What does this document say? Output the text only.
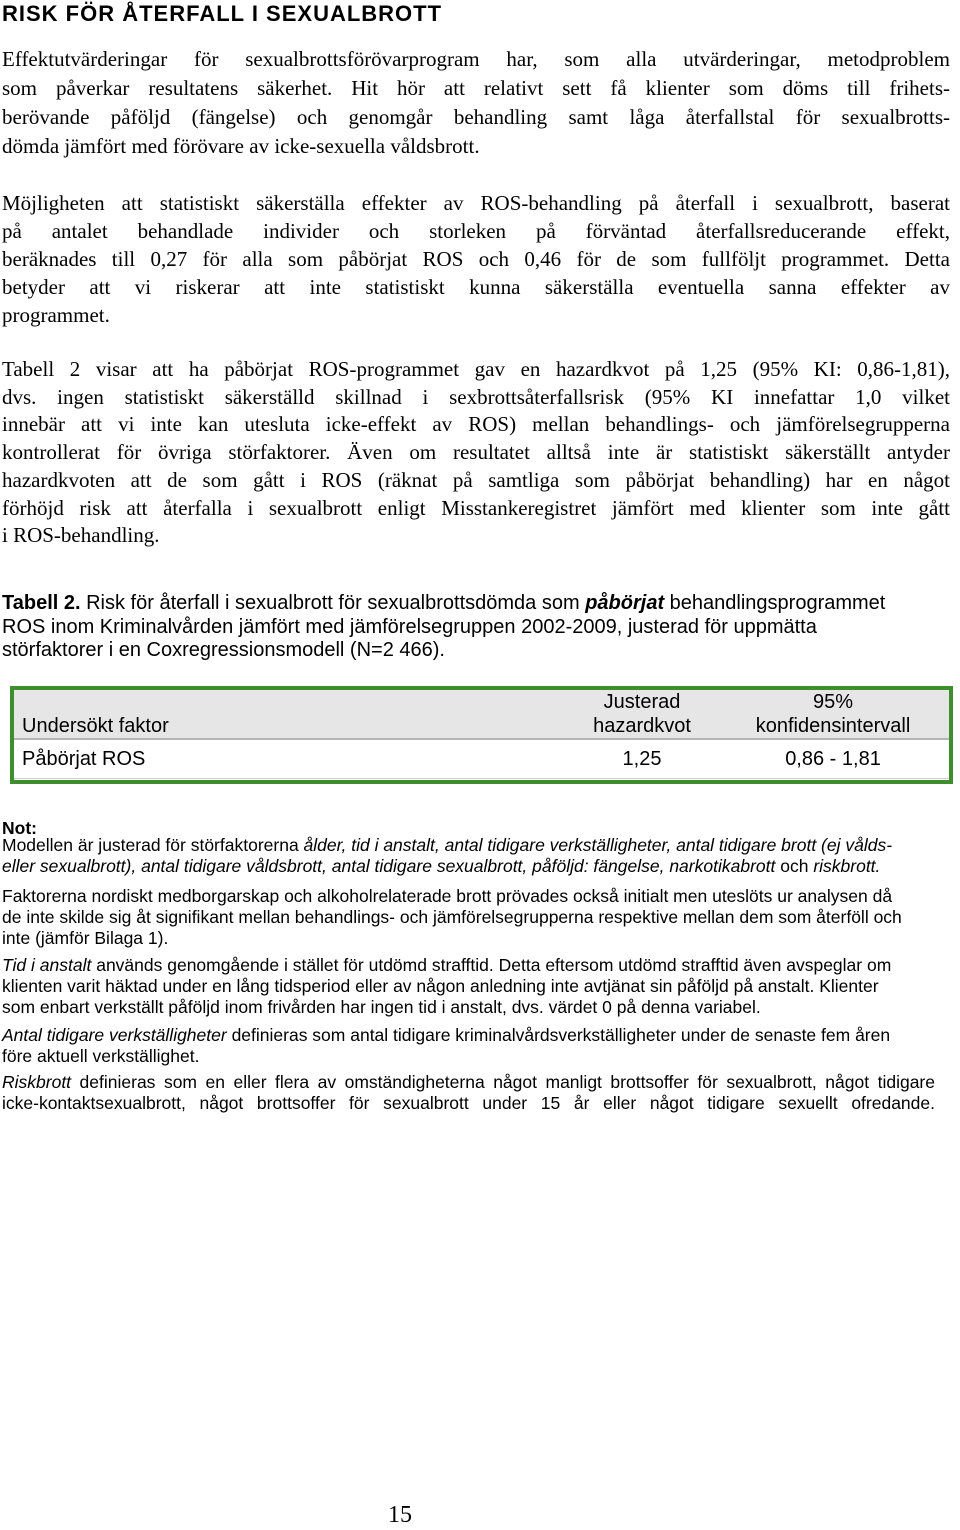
RISK FÖR ÅTERFALL I SEXUALBROTT
Effektutvärderingar för sexualbrottsförövarprogram har, som alla utvärderingar, metodproblem
som påverkar resultatens säkerhet. Hit hör att relativt sett få klienter som döms till frihets-
berövande påföljd (fängelse) och genomgår behandling samt låga återfallstal för sexualbrotts-
dömda jämfört med förövare av icke-sexuella våldsbrott.
Möjligheten att statistiskt säkerställa effekter av ROS-behandling på återfall i sexualbrott, baserat
på antalet behandlade individer och storleken på förväntad återfallsreducerande effekt,
beräknades till 0,27 för alla som påbörjat ROS och 0,46 för de som fullföljt programmet. Detta
betyder att vi riskerar att inte statistiskt kunna säkerställa eventuella sanna effekter av
programmet.
Tabell 2 visar att ha påbörjat ROS-programmet gav en hazardkvot på 1,25 (95% KI: 0,86-1,81),
dvs. ingen statistiskt säkerställd skillnad i sexbrottsåterfallsrisk (95% KI innefattar 1,0 vilket
innebär att vi inte kan utesluta icke-effekt av ROS) mellan behandlings- och jämförelsegrupperna
kontrollerat för övriga störfaktorer. Även om resultatet alltså inte är statistiskt säkerställt antyder
hazardkvoten att de som gått i ROS (räknat på samtliga som påbörjat behandling) har en något
förhöjd risk att återfalla i sexualbrott enligt Misstankeregistret jämfört med klienter som inte gått
i ROS-behandling.
Tabell 2. Risk för återfall i sexualbrott för sexualbrottsdömda som påbörjat behandlingsprogrammet
ROS inom Kriminalvården jämfört med jämförelsegruppen 2002-2009, justerad för uppmätta
störfaktorer i en Coxregressionsmodell (N=2 466).
Undersökt faktor
Justerad
hazardkvot
95%
konfidensintervall
Påbörjat ROS	1,25	0,86 - 1,81
Not:
Modellen är justerad för störfaktorerna ålder, tid i anstalt, antal tidigare verkställigheter, antal tidigare brott (ej vålds-
eller sexualbrott), antal tidigare våldsbrott, antal tidigare sexualbrott, påföljd: fängelse, narkotikabrott och riskbrott.
Faktorerna nordiskt medborgarskap och alkoholrelaterade brott prövades också initialt men uteslöts ur analysen då
de inte skilde sig åt signifikant mellan behandlings- och jämförelsegrupperna respektive mellan dem som återföll och
inte (jämför Bilaga 1).
Tid i anstalt används genomgående i stället för utdömd strafftid. Detta eftersom utdömd strafftid även avspeglar om
klienten varit häktad under en lång tidsperiod eller av någon anledning inte avtjänat sin påföljd på anstalt. Klienter
som enbart verkställt påföljd inom frivården har ingen tid i anstalt, dvs. värdet 0 på denna variabel.
Antal tidigare verkställigheter definieras som antal tidigare kriminalvårdsverkställigheter under de senaste fem åren
före aktuell verkställighet.
Riskbrott definieras som en eller flera av omständigheterna något manligt brottsoffer för sexualbrott, något tidigare
icke-kontaktsexualbrott, något brottsoffer för sexualbrott under 15 år eller något tidigare sexuellt ofredande.
15
